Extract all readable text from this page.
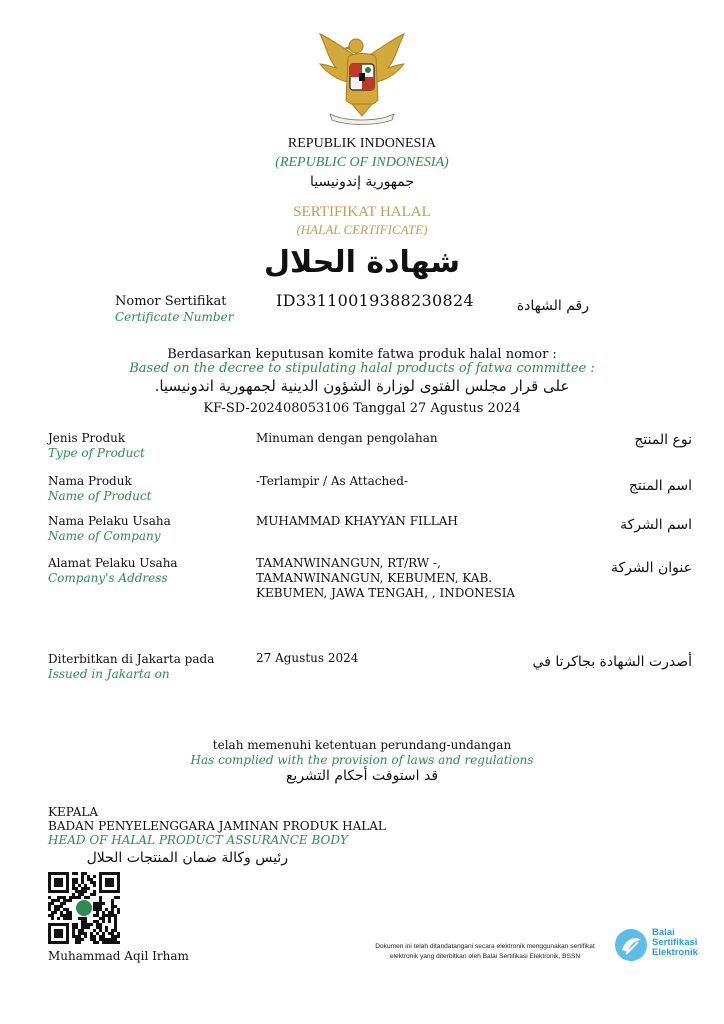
REPUBLIK INDONESIA
(REPUBLIC OF INDONESIA)
جمهورية إندونيسيا
SERTIFIKAT HALAL
(HALAL CERTIFICATE)
شهادة الحلال
Nomor Sertifikat
Certificate Number
ID33110019388230824	رقم الشهادة
Berdasarkan keputusan komite fatwa produk halal nomor :
Based on the decree to stipulating halal products of fatwa committee :
على قرار مجلس الفتوى لوزارة الشؤون الدينية لجمهورية اندونيسيا.
KF-SD-202408053106 Tanggal 27 Agustus 2024
Jenis Produk
Type of Product
Minuman dengan pengolahan	نوع المنتج
Nama Produk
Name of Product
-Terlampir / As Attached-	اسم المنتج
Nama Pelaku Usaha
Name of Company
MUHAMMAD KHAYYAN FILLAH	اسم الشركة
Alamat Pelaku Usaha
Company's Address
TAMANWINANGUN, RT/RW -,
TAMANWINANGUN, KEBUMEN, KAB.
KEBUMEN, JAWA TENGAH, , INDONESIA
عنوان الشركة
Diterbitkan di Jakarta pada
Issued in Jakarta on
27 Agustus 2024	أصدرت الشهادة بجاكرتا في
telah memenuhi ketentuan perundang-undangan
Has complied with the provision of laws and regulations
قد استوفت أحكام التشريع
KEPALA
BADAN PENYELENGGARA JAMINAN PRODUK HALAL
HEAD OF HALAL PRODUCT ASSURANCE BODY
رئيس وكالة ضمان المنتجات الحلال
Muhammad Aqil Irham
Dokumen ini telah ditandatangani secara elektronik menggunakan sertifikat
elektronik yang diterbitkan oleh Balai Sertifikasi Elektronik, BSSN
Balai
Sertifikasi
Elektronik
